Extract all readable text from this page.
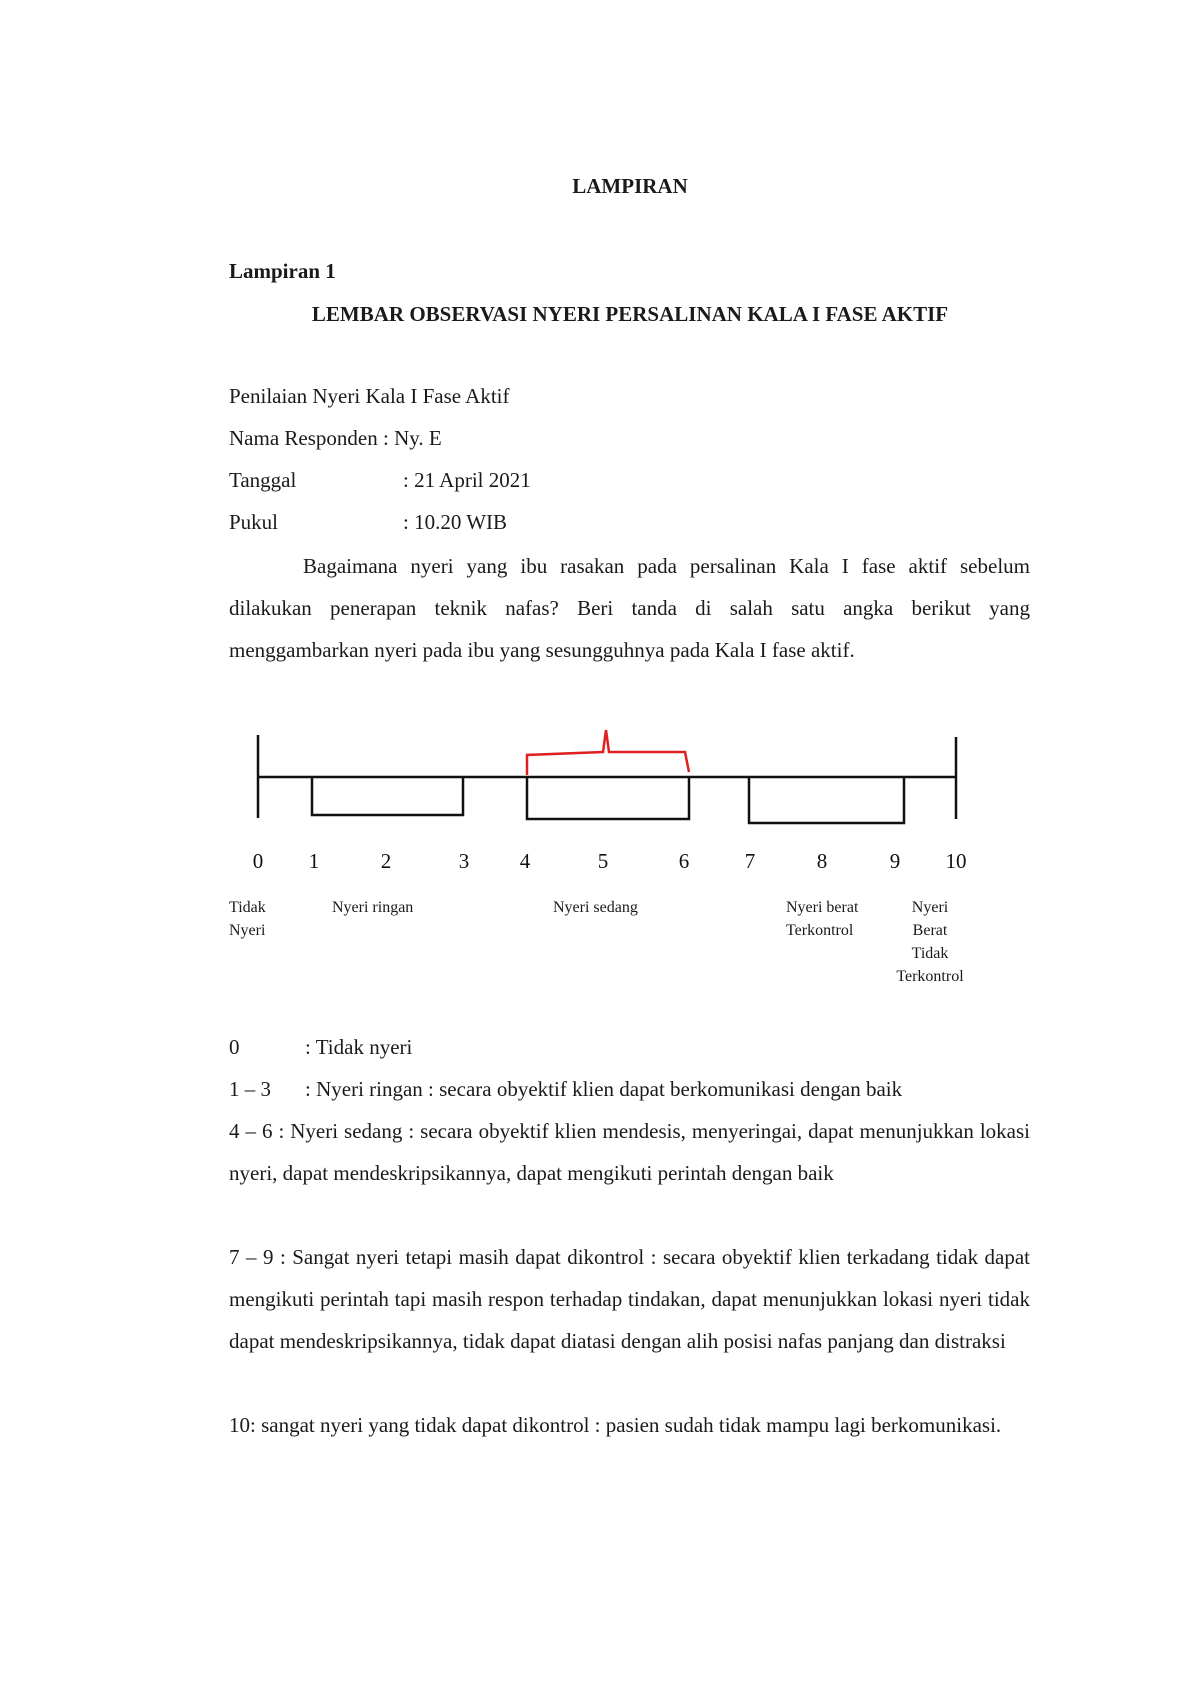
LAMPIRAN

Lampiran 1

LEMBAR OBSERVASI NYERI PERSALINAN KALA I FASE AKTIF

Penilaian Nyeri Kala I Fase Aktif

Nama Responden : Ny. E

Tanggal	: 21 April 2021

Pukul	: 10.20 WIB

Bagaimana nyeri yang ibu rasakan pada persalinan Kala I fase aktif sebelum dilakukan penerapan teknik nafas? Beri tanda di salah satu angka berikut yang menggambarkan nyeri pada ibu yang sesungguhnya pada Kala I fase aktif.

0 1	2	3 4	5	6	7	8	9 10
Tidak
Nyeri
Nyeri ringan	Nyeri sedang	Nyeri berat
Terkontrol
Nyeri
Berat
Tidak
Terkontrol
0	: Tidak nyeri
1 – 3 : Nyeri ringan : secara obyektif klien dapat berkomunikasi dengan baik

4 – 6 : Nyeri sedang : secara obyektif klien mendesis, menyeringai, dapat menunjukkan lokasi nyeri, dapat mendeskripsikannya, dapat mengikuti perintah dengan baik

7 – 9 : Sangat nyeri tetapi masih dapat dikontrol : secara obyektif klien terkadang tidak dapat mengikuti perintah tapi masih respon terhadap tindakan, dapat menunjukkan lokasi nyeri tidak dapat mendeskripsikannya, tidak dapat diatasi dengan alih posisi nafas panjang dan distraksi

10: sangat nyeri yang tidak dapat dikontrol : pasien sudah tidak mampu lagi berkomunikasi.
